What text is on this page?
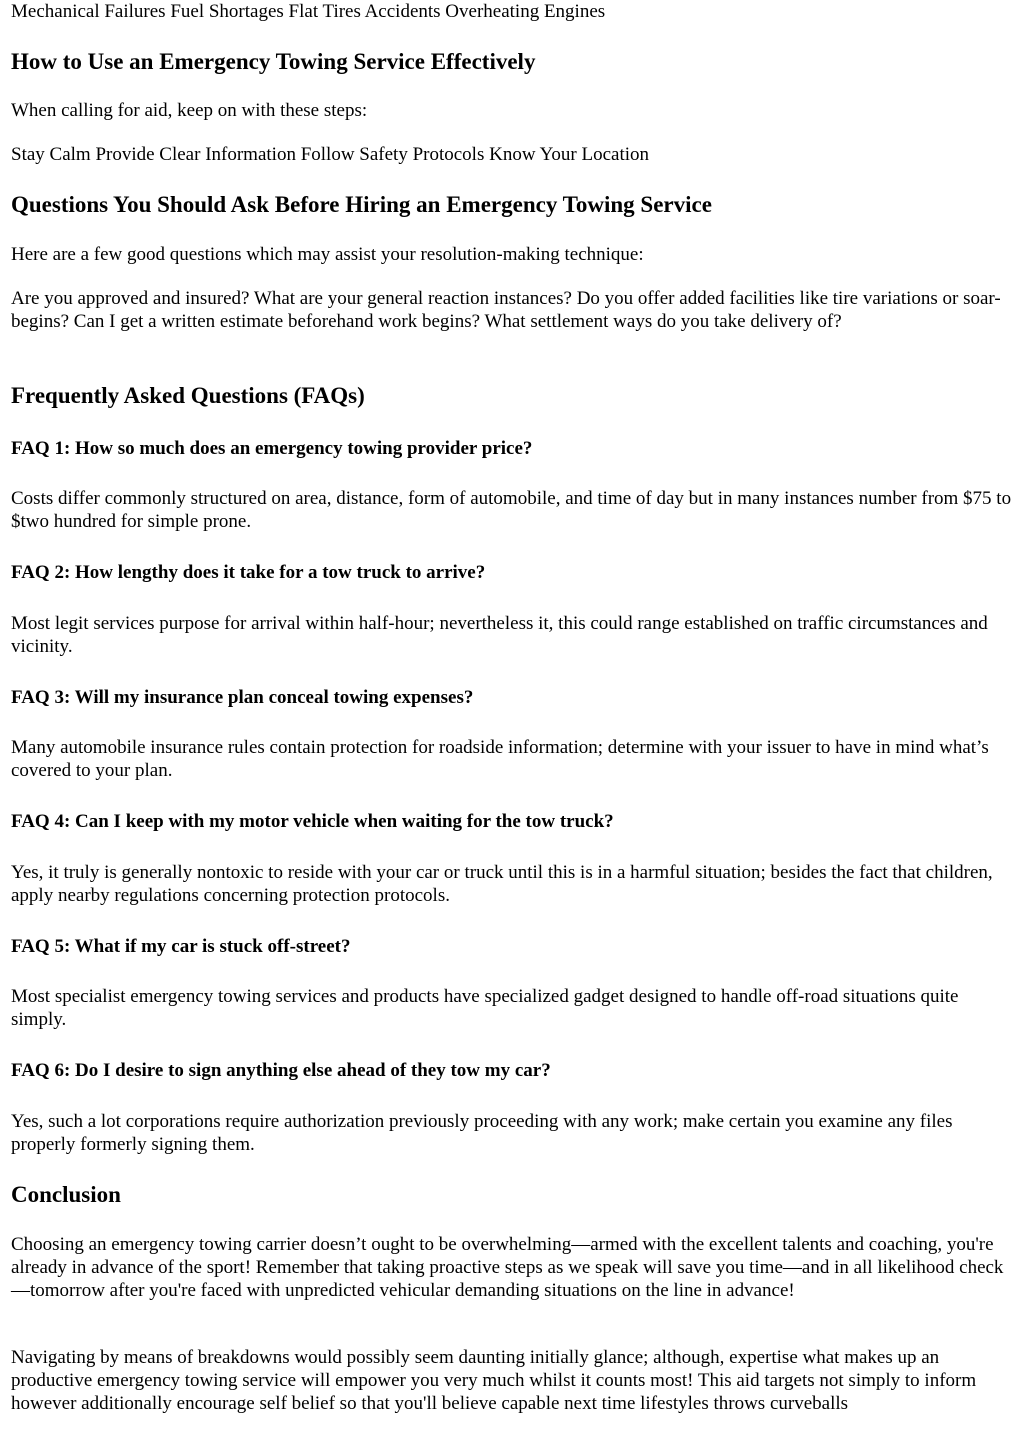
Mechanical Failures Fuel Shortages Flat Tires Accidents Overheating Engines

How to Use an Emergency Towing Service Effectively

When calling for aid, keep on with these steps:

Stay Calm Provide Clear Information Follow Safety Protocols Know Your Location

Questions You Should Ask Before Hiring an Emergency Towing Service

Here are a few good questions which may assist your resolution-making technique:

Are you approved and insured? What are your general reaction instances? Do you offer added facilities like tire variations or soar-begins? Can I get a written estimate beforehand work begins? What settlement ways do you take delivery of?

Frequently Asked Questions (FAQs)
FAQ 1: How so much does an emergency towing provider price?

Costs differ commonly structured on area, distance, form of automobile, and time of day but in many instances number from $75 to $two hundred for simple prone.

FAQ 2: How lengthy does it take for a tow truck to arrive?

Most legit services purpose for arrival within half-hour; nevertheless it, this could range established on traffic circumstances and vicinity.

FAQ 3: Will my insurance plan conceal towing expenses?

Many automobile insurance rules contain protection for roadside information; determine with your issuer to have in mind what’s covered to your plan.

FAQ 4: Can I keep with my motor vehicle when waiting for the tow truck?

Yes, it truly is generally nontoxic to reside with your car or truck until this is in a harmful situation; besides the fact that children, apply nearby regulations concerning protection protocols.

FAQ 5: What if my car is stuck off-street?

Most specialist emergency towing services and products have specialized gadget designed to handle off-road situations quite simply.

FAQ 6: Do I desire to sign anything else ahead of they tow my car?

Yes, such a lot corporations require authorization previously proceeding with any work; make certain you examine any files properly formerly signing them.

Conclusion

Choosing an emergency towing carrier doesn’t ought to be overwhelming—armed with the excellent talents and coaching, you're already in advance of the sport! Remember that taking proactive steps as we speak will save you time—and in all likelihood check—tomorrow after you're faced with unpredicted vehicular demanding situations on the line in advance!

Navigating by means of breakdowns would possibly seem daunting initially glance; although, expertise what makes up an productive emergency towing service will empower you very much whilst it counts most! This aid targets not simply to inform however additionally encourage self belief so that you'll believe capable next time lifestyles throws curveballs
